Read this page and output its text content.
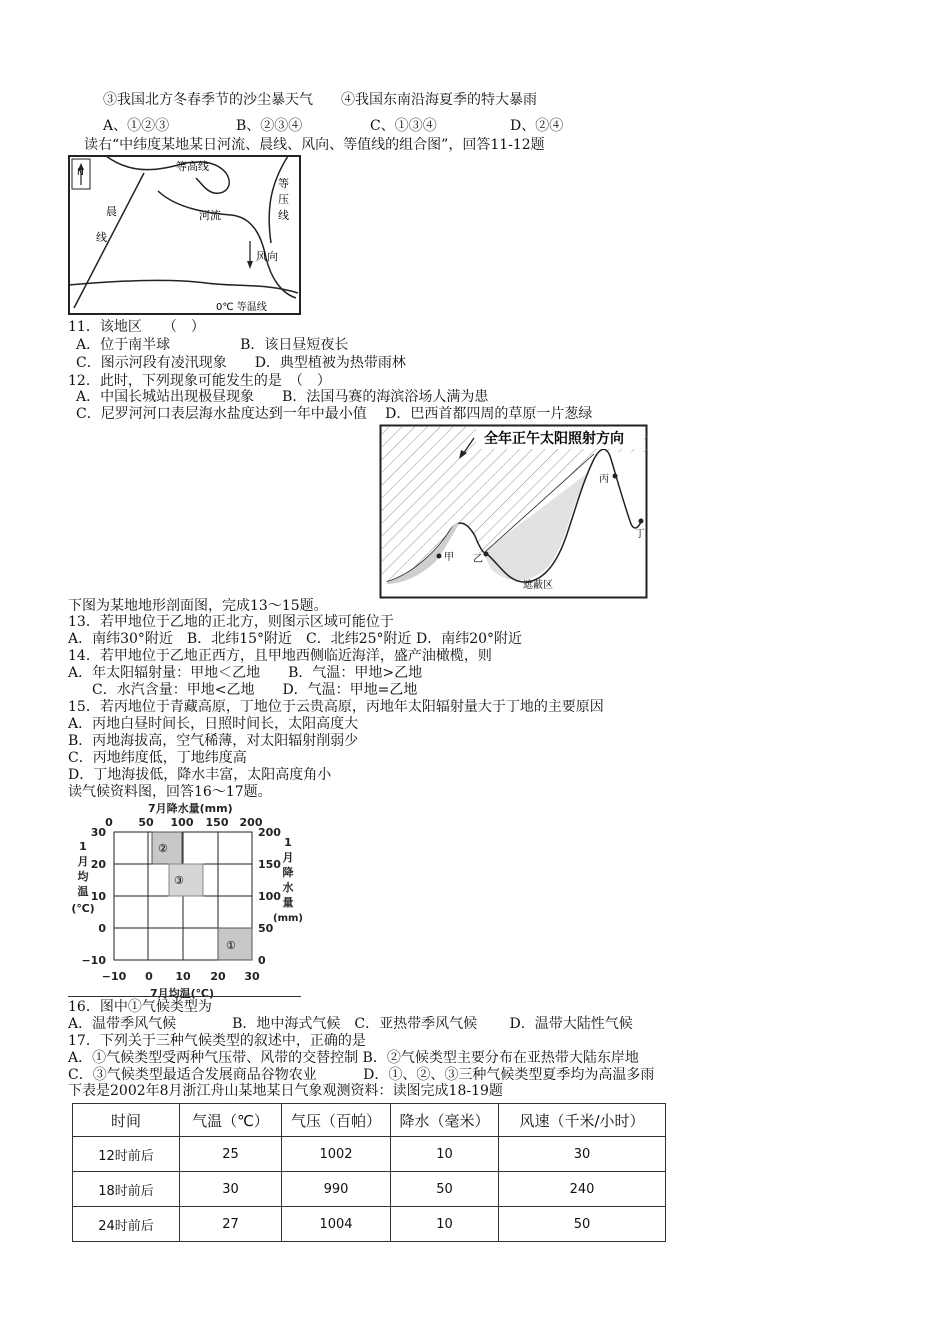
③我国北方冬春季节的沙尘暴天气　　④我国东南沿海夏季的特大暴雨
A、①②③	B、②③④	C、①③④	D、②④
读右“中纬度某地某日河流、晨线、风向、等值线的组合图”，回答11-12题
N	等高线
河流
等
压
线
晨
线
风向
0℃ 等温线
11．该地区　　（　）
A．位于南半球　　　　　B．该日昼短夜长
C．图示河段有凌汛现象　　D．典型植被为热带雨林
12．此时，下列现象可能发生的是　（　）
A．中国长城站出现极昼现象　　B．法国马赛的海滨浴场人满为患
C．尼罗河河口表层海水盐度达到一年中最小值　 D．巴西首都四周的草原一片葱绿
全年正午太阳照射方向
甲 乙
丙
丁
遮蔽区
下图为某地地形剖面图，完成13～15题。
13．若甲地位于乙地的正北方，则图示区域可能位于
A．南纬30°附近　B．北纬15°附近　C．北纬25°附近 D．南纬20°附近
14．若甲地位于乙地正西方，且甲地西侧临近海洋，盛产油橄榄，则
A．年太阳辐射量：甲地＜乙地　　B．气温：甲地>乙地
C．水汽含量：甲地<乙地　　D．气温：甲地=乙地
15．若丙地位于青藏高原，丁地位于云贵高原，丙地年太阳辐射量大于丁地的主要原因
A．丙地白昼时间长，日照时间长，太阳高度大
B．丙地海拔高，空气稀薄，对太阳辐射削弱少
C．丙地纬度低，丁地纬度高
D．丁地海拔低，降水丰富，太阳高度角小
读气候资料图，回答16～17题。
7月降水量(mm)
0 50 100 150 200
1
月
均
温
(℃)
30
20
10
0
−10
200
150
100
50
0
1
月
降
水
量
(mm)
−10 0 10 20 30
7月均温(℃)
①
②
③
16．图中①气候类型为
A．温带季风气候　　　　B．地中海式气候　C．亚热带季风气候　　 D．温带大陆性气候
17．下列关于三种气候类型的叙述中，正确的是
A．①气候类型受两种气压带、风带的交替控制 B．②气候类型主要分布在亚热带大陆东岸地
C．③气候类型最适合发展商品谷物农业　　　 D．①、②、③三种气候类型夏季均为高温多雨
下表是2002年8月浙江舟山某地某日气象观测资料：读图完成18-19题
时间	气温（℃）	气压（百帕）	降水（毫米）	风速（千米/小时）
12时前后	25	1002	10	30
18时前后	30	990	50	240
24时前后	27	1004	10	50
